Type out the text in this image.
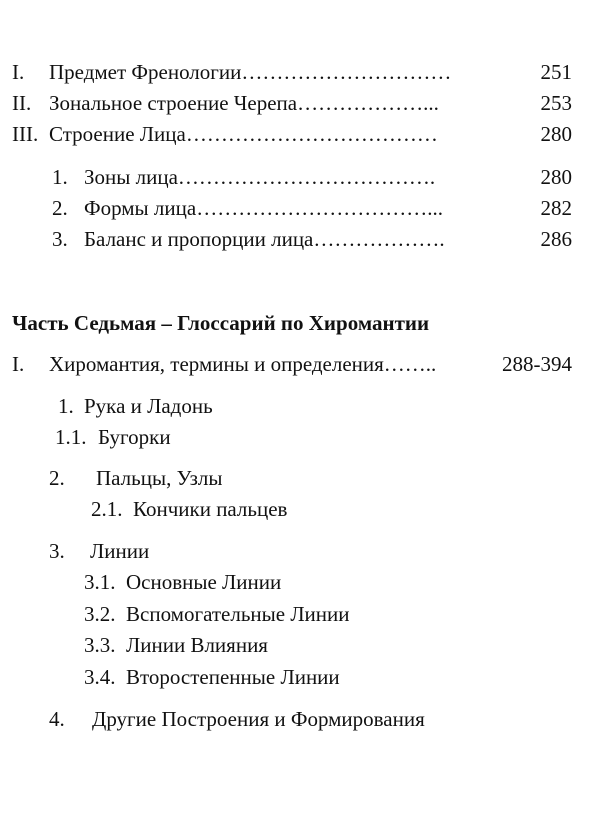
I. Предмет Френологии…………………………	251
II. Зональное строение Черепа………………...	253
III. Строение Лица………………………………	280
1. Зоны лица……………………………….	280
2. Формы лица……………………………...	282
3. Баланс и пропорции лица……………….	286
Часть Седьмая – Глоссарий по Хиромантии
I. Хиромантия, термины и определения……..	288-394
1. Рука и Ладонь
1.1. Бугорки
2. Пальцы, Узлы
2.1. Кончики пальцев
3. Линии
3.1. Основные Линии
3.2. Вспомогательные Линии
3.3. Линии Влияния
3.4. Второстепенные Линии
4. Другие Построения и Формирования
